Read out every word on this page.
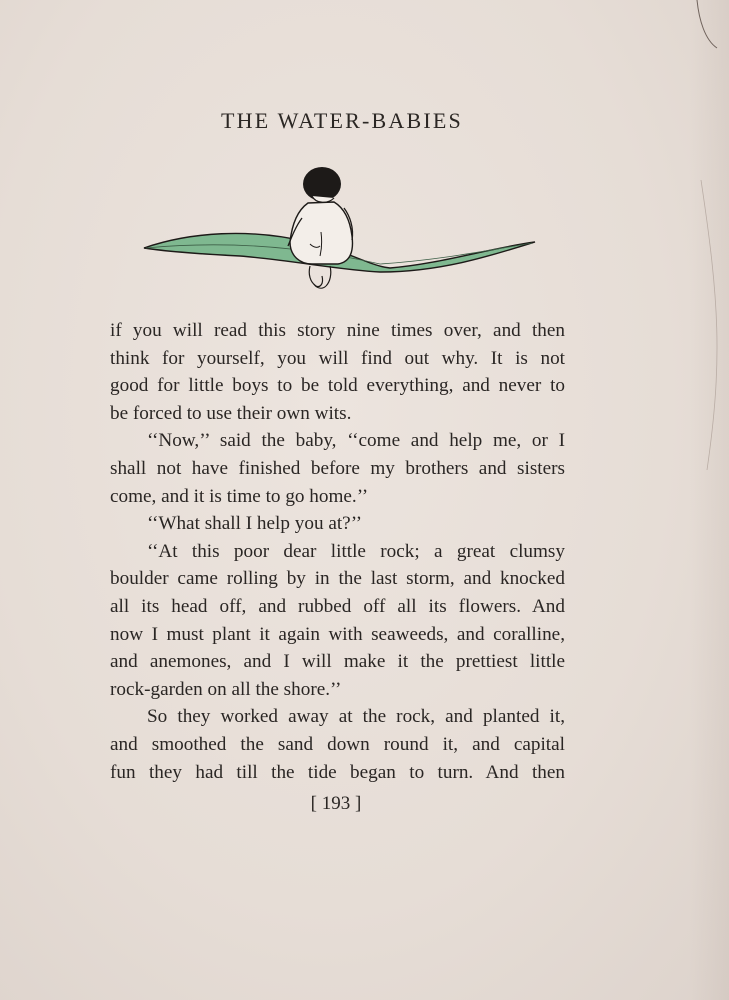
THE WATER-BABIES
if you will read this story nine times over, and then
think for yourself, you will find out why. It is not
good for little boys to be told everything, and never to
be forced to use their own wits.
‘‘Now,’’ said the baby, ‘‘come and help me, or I
shall not have finished before my brothers and sisters
come, and it is time to go home.’’
‘‘What shall I help you at?’’
‘‘At this poor dear little rock; a great clumsy
boulder came rolling by in the last storm, and knocked
all its head off, and rubbed off all its flowers. And
now I must plant it again with seaweeds, and coralline,
and anemones, and I will make it the prettiest little
rock-garden on all the shore.’’
So they worked away at the rock, and planted it,
and smoothed the sand down round it, and capital
fun they had till the tide began to turn. And then
[ 193 ]
